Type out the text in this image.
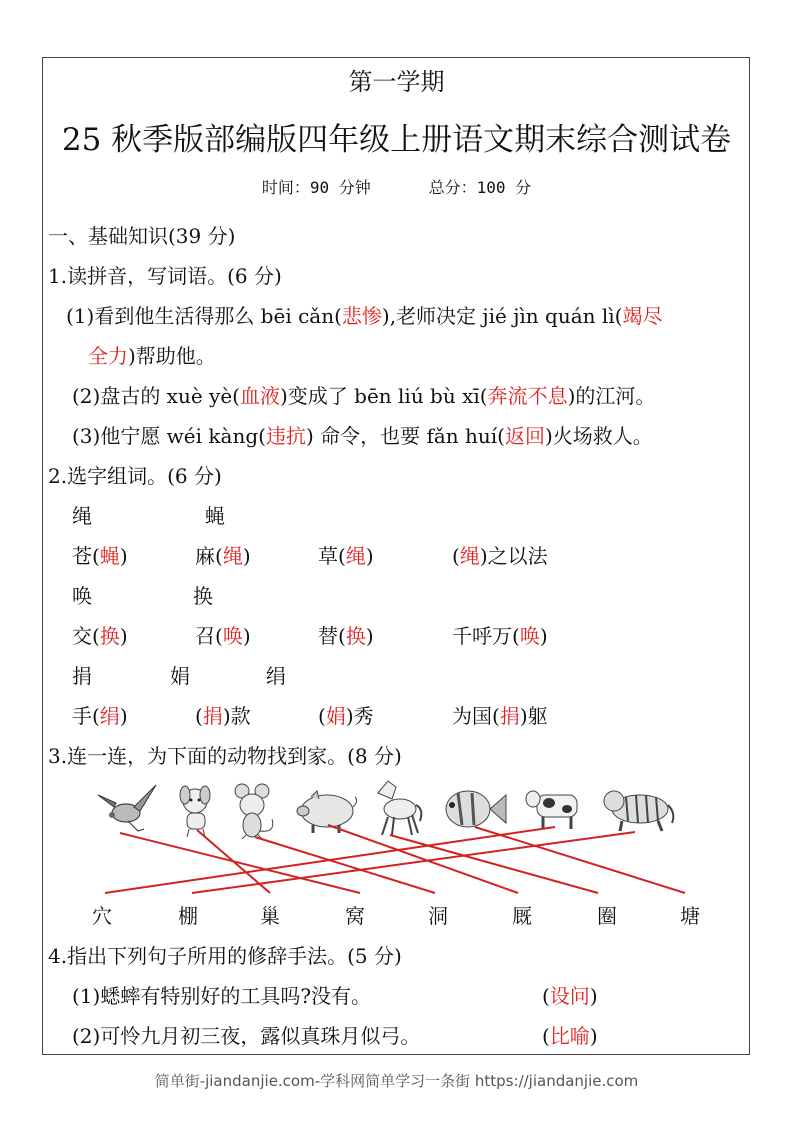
第一学期
25 秋季版部编版四年级上册语文期末综合测试卷
时间：90 分钟	总分：100 分
一、基础知识(39 分)
1.读拼音，写词语。(6 分)
(1)看到他生活得那么 bēi cǎn(悲惨),老师决定 jié jìn quán lì(竭尽
全力)帮助他。
(2)盘古的 xuè yè(血液)变成了 bēn liú bù xī(奔流不息)的江河。
(3)他宁愿 wéi kàng(违抗) 命令，也要 fǎn huí(返回)火场救人。
2.选字组词。(6 分)
绳	蝇
苍(蝇)	麻(绳)	草(绳)	(绳)之以法
唤	换
交(换)	召(唤)	替(换)	千呼万(唤)
捐	娟	绢
手(绢)	(捐)款	(娟)秀	为国(捐)躯
3.连一连，为下面的动物找到家。(8 分)
穴	棚	巢	窝	洞	厩	圈	塘
4.指出下列句子所用的修辞手法。(5 分)
(1)蟋蟀有特别好的工具吗?没有。	(设问)
(2)可怜九月初三夜，露似真珠月似弓。	(比喻)
简单街-jiandanjie.com-学科网简单学习一条街 https://jiandanjie.com
